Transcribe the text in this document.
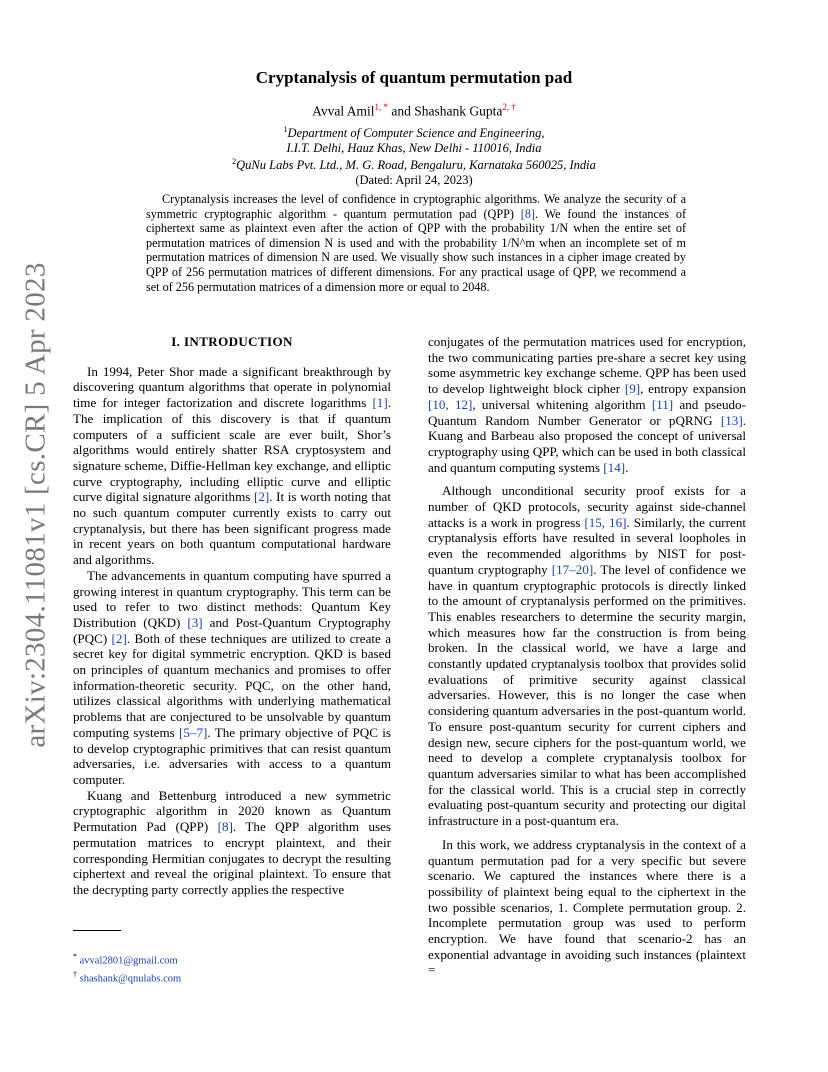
arXiv:2304.11081v1 [cs.CR] 5 Apr 2023
Cryptanalysis of quantum permutation pad
Avval Amil$^{1, *}$ and Shashank Gupta$^{2, \dagger}$
$^1$Department of Computer Science and Engineering,
I.I.T. Delhi, Hauz Khas, New Delhi - 110016, India
$^2$QuNu Labs Pvt. Ltd., M. G. Road, Bengaluru, Karnataka 560025, India
(Dated: April 24, 2023)

Cryptanalysis increases the level of confidence in cryptographic algorithms. We analyze the security of a symmetric cryptographic algorithm - quantum permutation pad (QPP) [8]. We found the instances of ciphertext same as plaintext even after the action of QPP with the probability 1/N when the entire set of permutation matrices of dimension N is used and with the probability 1/N^m when an incomplete set of m permutation matrices of dimension N are used. We visually show such instances in a cipher image created by QPP of 256 permutation matrices of different dimensions. For any practical usage of QPP, we recommend a set of 256 permutation matrices of a dimension more or equal to 2048.

I. INTRODUCTION

In 1994, Peter Shor made a significant breakthrough by discovering quantum algorithms that operate in polynomial time for integer factorization and discrete logarithms [1]. The implication of this discovery is that if quantum computers of a sufficient scale are ever built, Shor’s algorithms would entirely shatter RSA cryptosystem and signature scheme, Diffie-Hellman key exchange, and elliptic curve cryptography, including elliptic curve and elliptic curve digital signature algorithms [2]. It is worth noting that no such quantum computer currently exists to carry out cryptanalysis, but there has been significant progress made in recent years on both quantum computational hardware and algorithms.

The advancements in quantum computing have spurred a growing interest in quantum cryptography. This term can be used to refer to two distinct methods: Quantum Key Distribution (QKD) [3] and Post-Quantum Cryptography (PQC) [2]. Both of these techniques are utilized to create a secret key for digital symmetric encryption. QKD is based on principles of quantum mechanics and promises to offer information-theoretic security. PQC, on the other hand, utilizes classical algorithms with underlying mathematical problems that are conjectured to be unsolvable by quantum computing systems [5–7]. The primary objective of PQC is to develop cryptographic primitives that can resist quantum adversaries, i.e. adversaries with access to a quantum computer.

Kuang and Bettenburg introduced a new symmetric cryptographic algorithm in 2020 known as Quantum Permutation Pad (QPP) [8]. The QPP algorithm uses permutation matrices to encrypt plaintext, and their corresponding Hermitian conjugates to decrypt the resulting ciphertext and reveal the original plaintext. To ensure that the decrypting party correctly applies the respective

conjugates of the permutation matrices used for encryption, the two communicating parties pre-share a secret key using some asymmetric key exchange scheme. QPP has been used to develop lightweight block cipher [9], entropy expansion [10, 12], universal whitening algorithm [11] and pseudo-Quantum Random Number Generator or pQRNG [13]. Kuang and Barbeau also proposed the concept of universal cryptography using QPP, which can be used in both classical and quantum computing systems [14].

Although unconditional security proof exists for a number of QKD protocols, security against side-channel attacks is a work in progress [15, 16]. Similarly, the current cryptanalysis efforts have resulted in several loopholes in even the recommended algorithms by NIST for post-quantum cryptography [17–20]. The level of confidence we have in quantum cryptographic protocols is directly linked to the amount of cryptanalysis performed on the primitives. This enables researchers to determine the security margin, which measures how far the construction is from being broken. In the classical world, we have a large and constantly updated cryptanalysis toolbox that provides solid evaluations of primitive security against classical adversaries. However, this is no longer the case when considering quantum adversaries in the post-quantum world. To ensure post-quantum security for current ciphers and design new, secure ciphers for the post-quantum world, we need to develop a complete cryptanalysis toolbox for quantum adversaries similar to what has been accomplished for the classical world. This is a crucial step in correctly evaluating post-quantum security and protecting our digital infrastructure in a post-quantum era.

In this work, we address cryptanalysis in the context of a quantum permutation pad for a very specific but severe scenario. We captured the instances where there is a possibility of plaintext being equal to the ciphertext in the two possible scenarios, 1. Complete permutation group. 2. Incomplete permutation group was used to perform encryption. We have found that scenario-2 has an exponential advantage in avoiding such instances (plaintext =

* avval2801@gmail.com
† shashank@qnulabs.com
